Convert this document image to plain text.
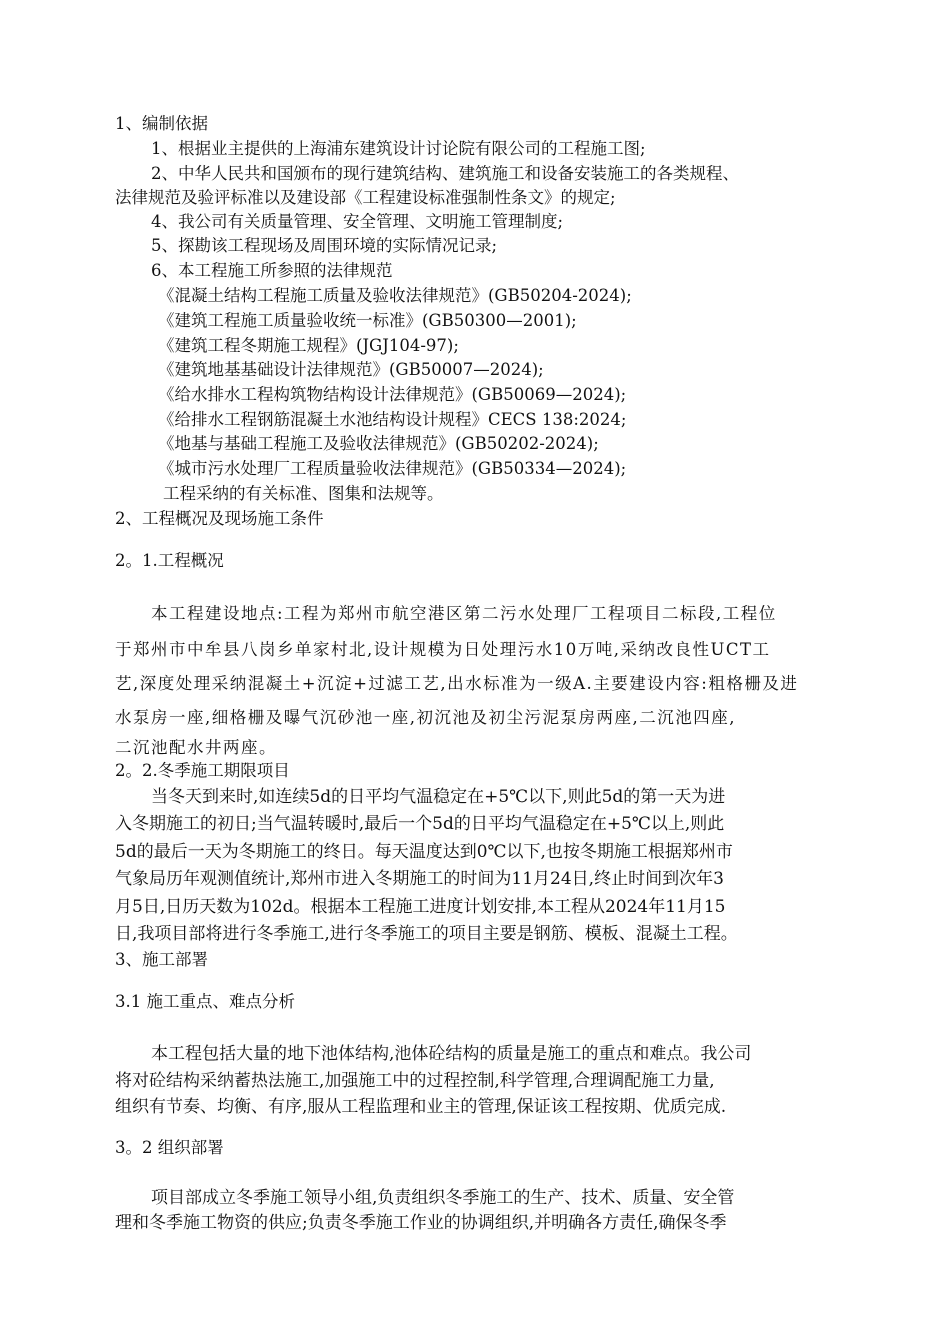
1、编制依据
1、根据业主提供的上海浦东建筑设计讨论院有限公司的工程施工图;
2、中华人民共和国颁布的现行建筑结构、建筑施工和设备安装施工的各类规程、
法律规范及验评标准以及建设部《工程建设标准强制性条文》的规定;
4、我公司有关质量管理、安全管理、文明施工管理制度;
5、探勘该工程现场及周围环境的实际情况记录;
6、本工程施工所参照的法律规范
《混凝土结构工程施工质量及验收法律规范》(GB50204-2024);
《建筑工程施工质量验收统一标准》(GB50300—2001);
《建筑工程冬期施工规程》(JGJ104-97);
《建筑地基基础设计法律规范》(GB50007—2024);
《给水排水工程构筑物结构设计法律规范》(GB50069—2024);
《给排水工程钢筋混凝土水池结构设计规程》CECS 138:2024;
《地基与基础工程施工及验收法律规范》(GB50202-2024);
《城市污水处理厂工程质量验收法律规范》(GB50334—2024);
工程采纳的有关标准、图集和法规等。
2、工程概况及现场施工条件
2。1.工程概况
本工程建设地点:工程为郑州市航空港区第二污水处理厂工程项目二标段,工程位
于郑州市中牟县八岗乡单家村北,设计规模为日处理污水10万吨,采纳改良性UCT工
艺,深度处理采纳混凝土+沉淀+过滤工艺,出水标准为一级A.主要建设内容:粗格栅及进
水泵房一座,细格栅及曝气沉砂池一座,初沉池及初尘污泥泵房两座,二沉池四座,
二沉池配水井两座。
2。2.冬季施工期限项目
当冬天到来时,如连续5d的日平均气温稳定在+5℃以下,则此5d的第一天为进
入冬期施工的初日;当气温转暖时,最后一个5d的日平均气温稳定在+5℃以上,则此
5d的最后一天为冬期施工的终日。每天温度达到0℃以下,也按冬期施工根据郑州市
气象局历年观测值统计,郑州市进入冬期施工的时间为11月24日,终止时间到次年3
月5日,日历天数为102d。根据本工程施工进度计划安排,本工程从2024年11月15
日,我项目部将进行冬季施工,进行冬季施工的项目主要是钢筋、模板、混凝土工程。
3、施工部署
3.1 施工重点、难点分析
本工程包括大量的地下池体结构,池体砼结构的质量是施工的重点和难点。我公司
将对砼结构采纳蓄热法施工,加强施工中的过程控制,科学管理,合理调配施工力量,
组织有节奏、均衡、有序,服从工程监理和业主的管理,保证该工程按期、优质完成.
3。2 组织部署
项目部成立冬季施工领导小组,负责组织冬季施工的生产、技术、质量、安全管
理和冬季施工物资的供应;负责冬季施工作业的协调组织,并明确各方责任,确保冬季
